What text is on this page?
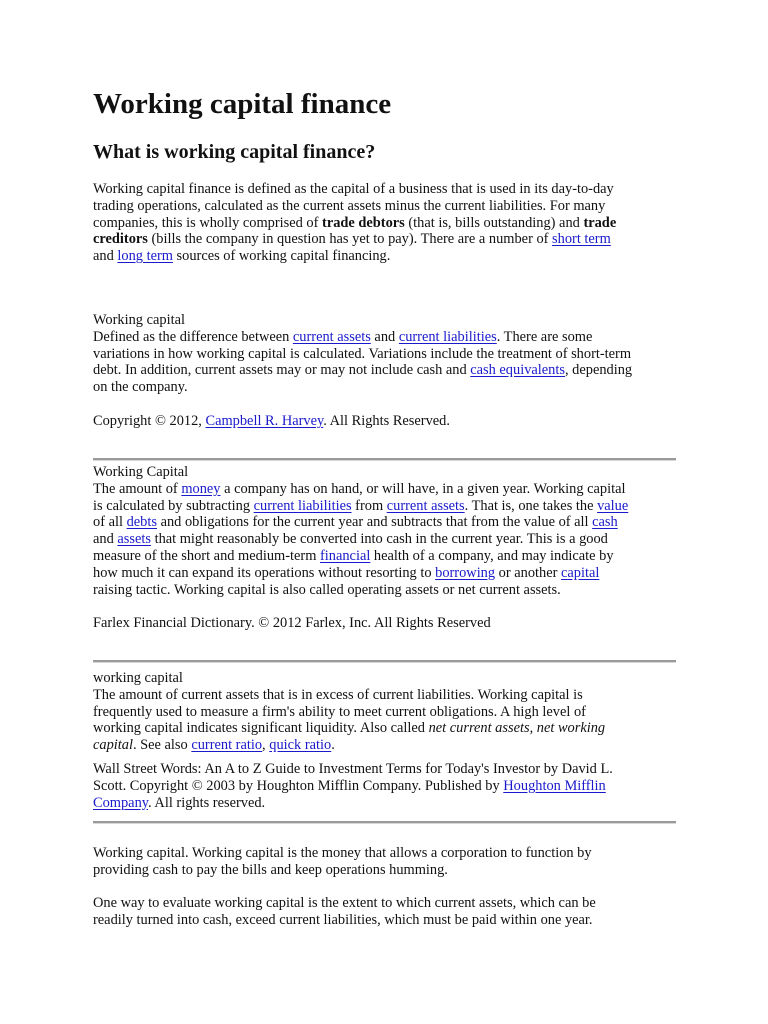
Working capital finance
What is working capital finance?
Working capital finance is defined as the capital of a business that is used in its day-to-day
trading operations, calculated as the current assets minus the current liabilities. For many
companies, this is wholly comprised of trade debtors (that is, bills outstanding) and trade
creditors (bills the company in question has yet to pay). There are a number of short term
and long term sources of working capital financing.
Working capital
Defined as the difference between current assets and current liabilities. There are some
variations in how working capital is calculated. Variations include the treatment of short-term
debt. In addition, current assets may or may not include cash and cash equivalents, depending
on the company.
Copyright © 2012, Campbell R. Harvey. All Rights Reserved.
Working Capital
The amount of money a company has on hand, or will have, in a given year. Working capital
is calculated by subtracting current liabilities from current assets. That is, one takes the value
of all debts and obligations for the current year and subtracts that from the value of all cash
and assets that might reasonably be converted into cash in the current year. This is a good
measure of the short and medium-term financial health of a company, and may indicate by
how much it can expand its operations without resorting to borrowing or another capital
raising tactic. Working capital is also called operating assets or net current assets.
Farlex Financial Dictionary. © 2012 Farlex, Inc. All Rights Reserved
working capital
The amount of current assets that is in excess of current liabilities. Working capital is
frequently used to measure a firm's ability to meet current obligations. A high level of
working capital indicates significant liquidity. Also called net current assets, net working
capital. See also current ratio, quick ratio.
Wall Street Words: An A to Z Guide to Investment Terms for Today's Investor by David L.
Scott. Copyright © 2003 by Houghton Mifflin Company. Published by Houghton Mifflin
Company. All rights reserved.
Working capital. Working capital is the money that allows a corporation to function by
providing cash to pay the bills and keep operations humming.
One way to evaluate working capital is the extent to which current assets, which can be
readily turned into cash, exceed current liabilities, which must be paid within one year.
